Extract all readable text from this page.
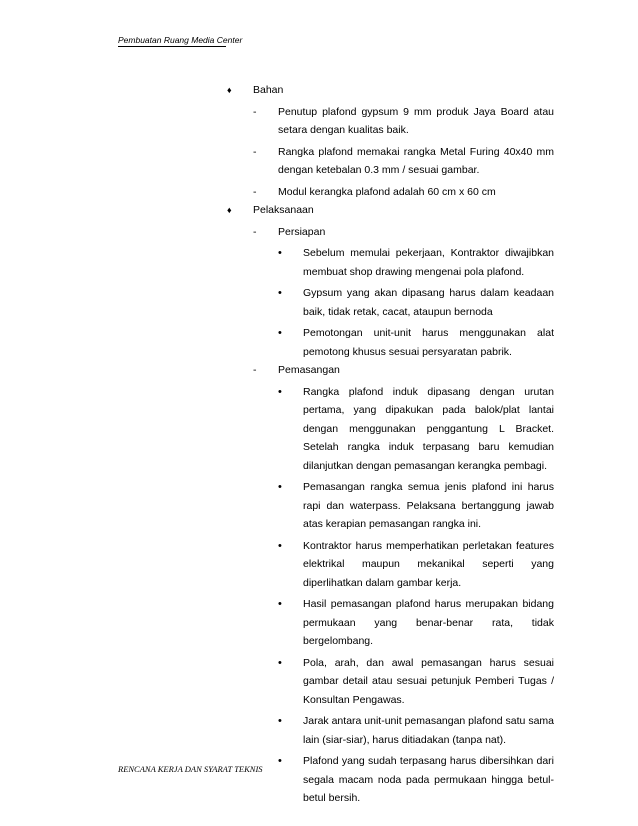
Pembuatan Ruang Media Center
♦	Bahan
-	Penutup plafond gypsum 9 mm produk Jaya Board atau setara dengan kualitas baik.
-	Rangka plafond memakai rangka Metal Furing 40x40 mm dengan ketebalan 0.3 mm / sesuai gambar.
-	Modul kerangka plafond adalah 60 cm x 60 cm
♦	Pelaksanaan
-	Persiapan
•	Sebelum memulai pekerjaan, Kontraktor diwajibkan membuat shop drawing mengenai pola plafond.
•	Gypsum yang akan dipasang harus dalam keadaan baik, tidak retak, cacat, ataupun bernoda
•	Pemotongan unit-unit harus menggunakan alat pemotong khusus sesuai persyaratan pabrik.
-	Pemasangan
•	Rangka plafond induk dipasang dengan urutan pertama, yang dipakukan pada balok/plat lantai dengan menggunakan penggantung L Bracket. Setelah rangka induk terpasang baru kemudian dilanjutkan dengan pemasangan kerangka pembagi.
•	Pemasangan rangka semua jenis plafond ini harus rapi dan waterpass. Pelaksana bertanggung jawab atas kerapian pemasangan rangka ini.
•	Kontraktor harus memperhatikan perletakan features elektrikal maupun mekanikal seperti yang diperlihatkan dalam gambar kerja.
•	Hasil pemasangan plafond harus merupakan bidang permukaan yang benar-benar rata, tidak bergelombang.
•	Pola, arah, dan awal pemasangan harus sesuai gambar detail atau sesuai petunjuk Pemberi Tugas / Konsultan Pengawas.
•	Jarak antara unit-unit pemasangan plafond satu sama lain (siar-siar), harus ditiadakan (tanpa nat).
•	Plafond yang sudah terpasang harus dibersihkan dari segala macam noda pada permukaan hingga betul-betul bersih.
RENCANA KERJA DAN SYARAT TEKNIS
